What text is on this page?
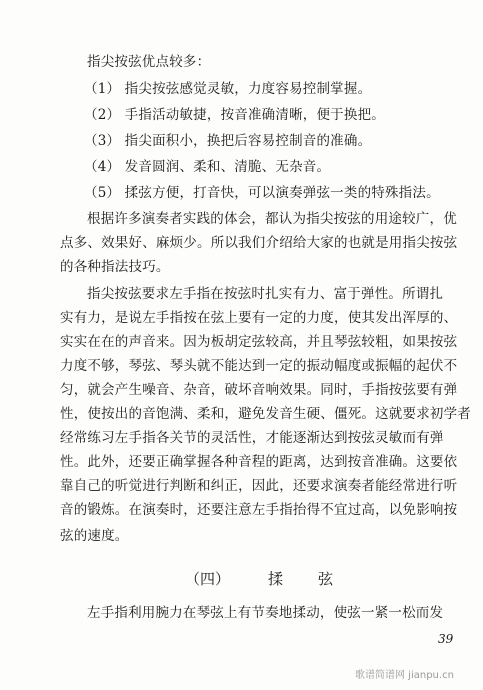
指尖按弦优点较多：
（1） 指尖按弦感觉灵敏，力度容易控制掌握。
（2） 手指活动敏捷，按音准确清晰，便于换把。
（3） 指尖面积小，换把后容易控制音的准确。
（4） 发音圆润、柔和、清脆、无杂音。
（5） 揉弦方便，打音快，可以演奏弹弦一类的特殊指法。
根据许多演奏者实践的体会，都认为指尖按弦的用途较广，优
点多、效果好、麻烦少。所以我们介绍给大家的也就是用指尖按弦
的各种指法技巧。
指尖按弦要求左手指在按弦时扎实有力、富于弹性。所谓扎
实有力，是说左手指按在弦上要有一定的力度，使其发出浑厚的、
实实在在的声音来。因为板胡定弦较高，并且琴弦较粗，如果按弦
力度不够，琴弦、琴头就不能达到一定的振动幅度或振幅的起伏不
匀，就会产生噪音、杂音，破坏音响效果。同时，手指按弦要有弹
性，使按出的音饱满、柔和，避免发音生硬、僵死。这就要求初学者
经常练习左手指各关节的灵活性，才能逐渐达到按弦灵敏而有弹
性。此外，还要正确掌握各种音程的距离，达到按音准确。这要依
靠自己的听觉进行判断和纠正，因此，还要求演奏者能经常进行听
音的锻炼。在演奏时，还要注意左手指抬得不宜过高，以免影响按
弦的速度。
（四）	揉 弦
左手指利用腕力在琴弦上有节奏地揉动，使弦一紧一松而发
39
歌谱简谱网 jianpu.cn
